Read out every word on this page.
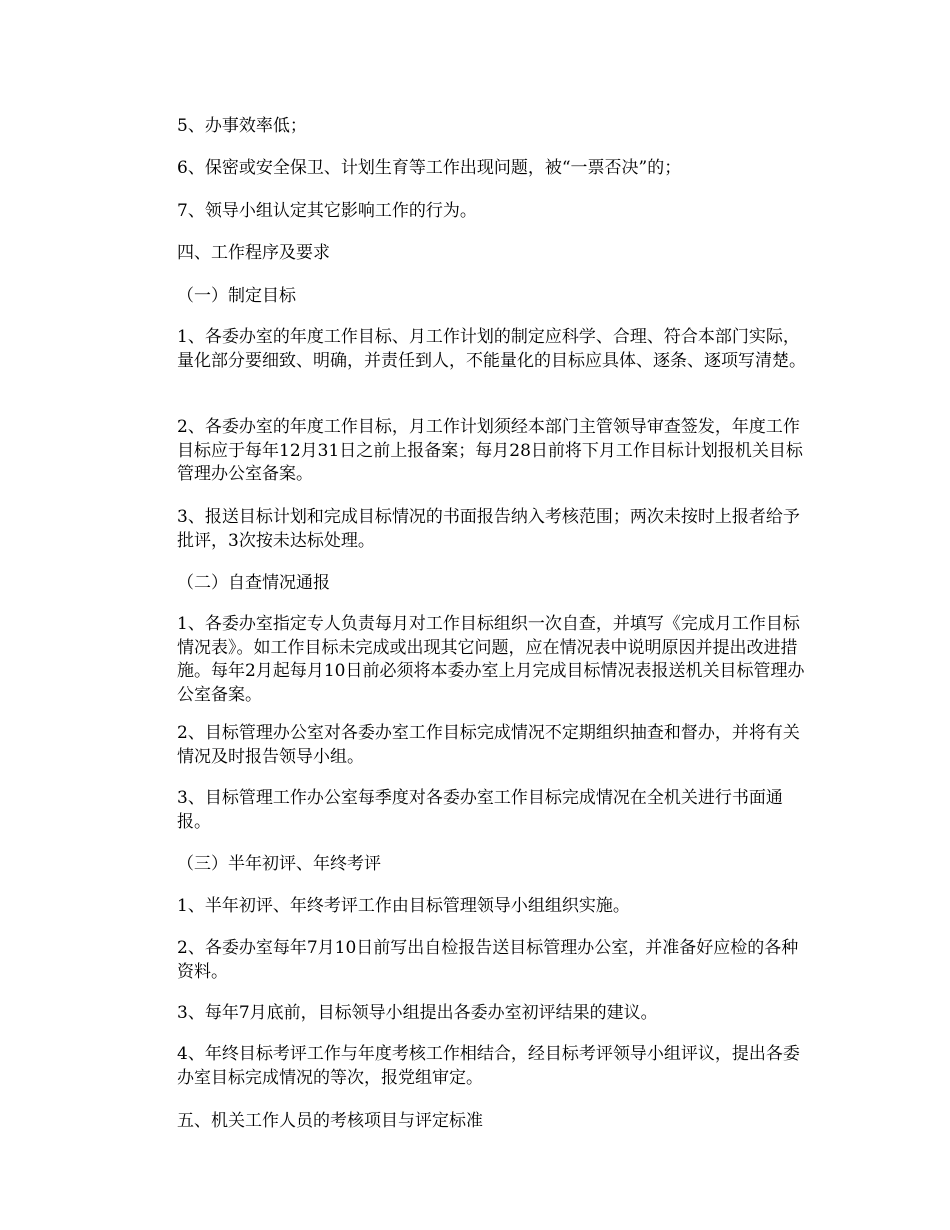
5、办事效率低；

6、保密或安全保卫、计划生育等工作出现问题，被“一票否决”的；

7、领导小组认定其它影响工作的行为。

四、工作程序及要求

（一）制定目标

1、各委办室的年度工作目标、月工作计划的制定应科学、合理、符合本部门实际，量化部分要细致、明确，并责任到人，不能量化的目标应具体、逐条、逐项写清楚。

2、各委办室的年度工作目标，月工作计划须经本部门主管领导审查签发，年度工作目标应于每年12月31日之前上报备案；每月28日前将下月工作目标计划报机关目标管理办公室备案。

3、报送目标计划和完成目标情况的书面报告纳入考核范围；两次未按时上报者给予批评，3次按未达标处理。

（二）自查情况通报

1、各委办室指定专人负责每月对工作目标组织一次自查，并填写《完成月工作目标情况表》。如工作目标未完成或出现其它问题，应在情况表中说明原因并提出改进措施。每年2月起每月10日前必须将本委办室上月完成目标情况表报送机关目标管理办公室备案。

2、目标管理办公室对各委办室工作目标完成情况不定期组织抽查和督办，并将有关情况及时报告领导小组。

3、目标管理工作办公室每季度对各委办室工作目标完成情况在全机关进行书面通报。

（三）半年初评、年终考评

1、半年初评、年终考评工作由目标管理领导小组组织实施。

2、各委办室每年7月10日前写出自检报告送目标管理办公室，并准备好应检的各种资料。

3、每年7月底前，目标领导小组提出各委办室初评结果的建议。

4、年终目标考评工作与年度考核工作相结合，经目标考评领导小组评议，提出各委办室目标完成情况的等次，报党组审定。

五、机关工作人员的考核项目与评定标准
